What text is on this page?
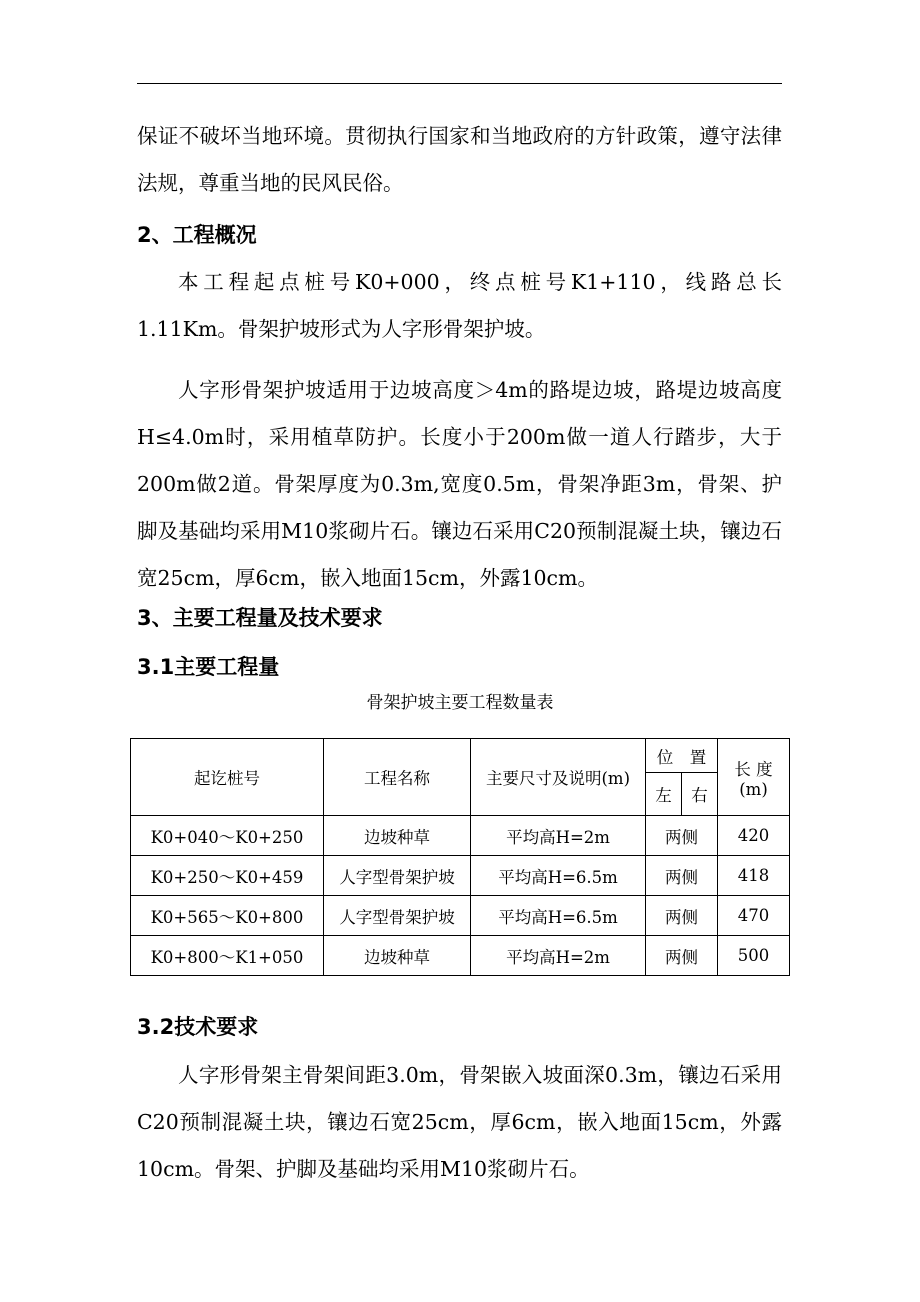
保证不破坏当地环境。贯彻执行国家和当地政府的方针政策，遵守法律法规，尊重当地的民风民俗。

2、工程概况

本工程起点桩号K0+000，终点桩号K1+110，线路总长1.11Km。骨架护坡形式为人字形骨架护坡。

人字形骨架护坡适用于边坡高度＞4m的路堤边坡，路堤边坡高度H≤4.0m时，采用植草防护。长度小于200m做一道人行踏步，大于200m做2道。骨架厚度为0.3m,宽度0.5m，骨架净距3m，骨架、护脚及基础均采用M10浆砌片石。镶边石采用C20预制混凝土块，镶边石宽25cm，厚6cm，嵌入地面15cm，外露10cm。

3、主要工程量及技术要求
3.1主要工程量
骨架护坡主要工程数量表
起讫桩号	工程名称	主要尺寸及说明(m)	位　置		长 度
(m)

			左	右	
K0+040～K0+250	边坡种草	平均高H=2m	两侧		420
K0+250～K0+459	人字型骨架护坡	平均高H=6.5m	两侧		418
K0+565～K0+800	人字型骨架护坡	平均高H=6.5m	两侧		470
K0+800～K1+050	边坡种草	平均高H=2m	两侧		500
3.2技术要求

人字形骨架主骨架间距3.0m，骨架嵌入坡面深0.3m，镶边石采用C20预制混凝土块，镶边石宽25cm，厚6cm，嵌入地面15cm，外露10cm。骨架、护脚及基础均采用M10浆砌片石。
